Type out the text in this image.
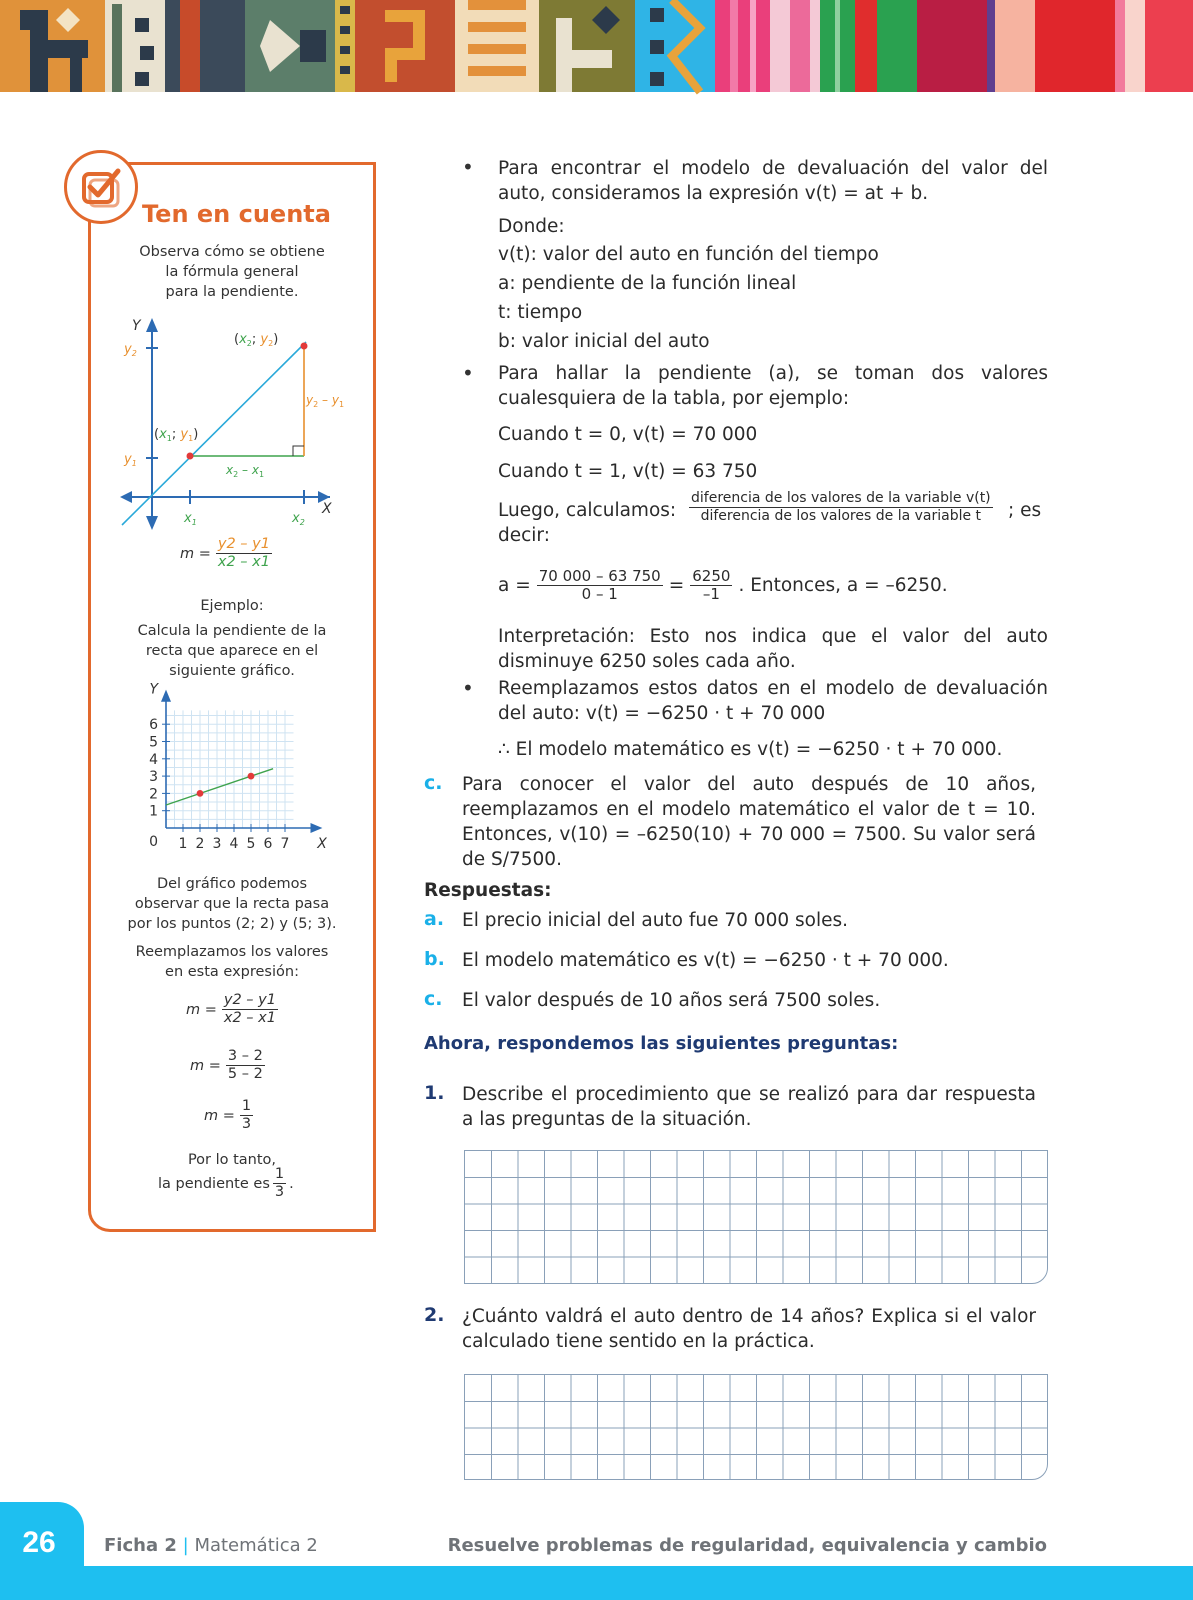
Ten en cuenta
Observa cómo se obtiene
la fórmula general
para la pendiente.
Y
X
$y_2$
$y_1$
$x_1$	$x_2$
($x_2$; $y_2$)
($x_1$; $y_1$)
$y_2 - y_1$
$x_2 - x_1$
$m = \frac{y2 - y1}{x2 - x1}$
Ejemplo:
Calcula la pendiente de la
recta que aparece en el
siguiente gráfico.
1 2 3 4 5 6 7
1
2
3
4
5
6
0	X
Y
Del gráfico podemos
observar que la recta pasa
por los puntos (2; 2) y (5; 3).
Reemplazamos los valores
en esta expresión:
$m = \frac{y2 - y1}{x2 - x1}$
$m = \frac{3 - 2}{5 - 2}$
$m = \frac{1}{3}$
Por lo tanto,
la pendiente es $\frac{1}{3}$ .
• Para encontrar el modelo de devaluación del valor del auto, consideramos la expresión v(t) = at + b.
Donde:
v(t): valor del auto en función del tiempo
a: pendiente de la función lineal
t: tiempo
b: valor inicial del auto
• Para hallar la pendiente (a), se toman dos valores cualesquiera de la tabla, por ejemplo:
Cuando t = 0, v(t) = 70 000
Cuando t = 1, v(t) = 63 750
Luego, calculamos: $\frac{\text{diferencia de los valores de la variable v(t)}}{\text{diferencia de los valores de la variable t}}$ ; es
decir:
$a = \frac{70 000 - 63 750}{0 - 1} = \frac{6250}{-1}$ . Entonces, a = –6250.
Interpretación: Esto nos indica que el valor del auto disminuye 6250 soles cada año.
• Reemplazamos estos datos en el modelo de devaluación del auto: v(t) = −6250 · t + 70 000
∴ El modelo matemático es v(t) = −6250 · t + 70 000.
c. Para conocer el valor del auto después de 10 años, reemplazamos en el modelo matemático el valor de t = 10. Entonces, v(10) = –6250(10) + 70 000 = 7500. Su valor será de S/7500.
Respuestas:
a. El precio inicial del auto fue 70 000 soles.
b. El modelo matemático es v(t) = −6250 · t + 70 000.
c. El valor después de 10 años será 7500 soles.
Ahora, respondemos las siguientes preguntas:
1. Describe el procedimiento que se realizó para dar respuesta a las preguntas de la situación.
2. ¿Cuánto valdrá el auto dentro de 14 años? Explica si el valor calculado tiene sentido en la práctica.
26	Ficha 2 | Matemática 2	Resuelve problemas de regularidad, equivalencia y cambio
